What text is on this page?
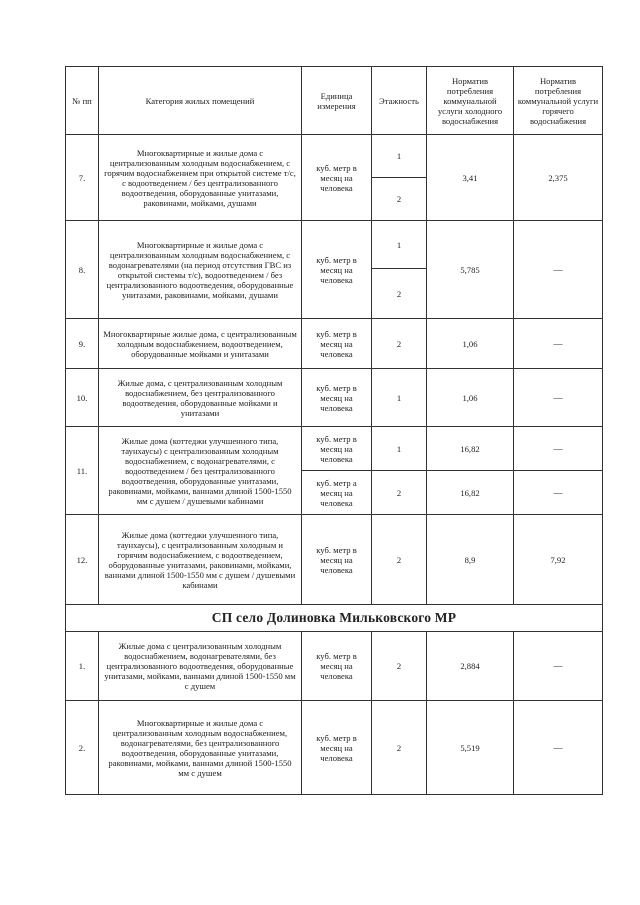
№ пп	Категория жилых помещений	Единица измерения	Этажность	Норматив потребления коммунальной услуги холодного водоснабжения	Норматив потребления коммунальной услуги горячего водоснабжения
7.	Многоквартирные и жилые дома с централизованным холодным водоснабжением, с горячим водоснабжением при открытой системе т/с, с водоотведением / без централизованного водоотведения, оборудованные унитазами, раковинами, мойками, душами	куб. метр в месяц на человека	1	3,41	2,375
			2		
8.	Многоквартирные и жилые дома с централизованным холодным водоснабжением, с водонагревателями (на период отсутствия ГВС из открытой системы т/с), водоотведением / без централизованного водоотведения, оборудованные унитазами, раковинами, мойками, душами	куб. метр в месяц на человека	1	5,785	—
			2		
9.	Многоквартирные жилые дома, с централизованным холодным водоснабжением, водоотведением, оборудованные мойками и унитазами	куб. метр в месяц на человека	2	1,06	—
10.	Жилые дома, с централизованным холодным водоснабжением, без централизованного водоотведения, оборудованные мойками и унитазами	куб. метр в месяц на человека	1	1,06	—
11.	Жилые дома (коттеджи улучшенного типа, таунхаусы) с централизованным холодным водоснабжением, с водонагревателями, с водоотведением / без централизованного водоотведения, оборудованные унитазами, раковинами, мойками, ваннами длиной 1500-1550 мм с душем / душевыми кабинами	куб. метр в месяц на человека	1	16,82	—
		куб. метр а месяц на человека	2	16,82	—
12.	Жилые дома (коттеджи улучшенного типа, таунхаусы), с централизованным холодным и горячим водоснабжением, с водоотведением, оборудованные унитазами, раковинами, мойками, ваннами длиной 1500-1550 мм с душем / душевыми кабинами	куб. метр в месяц на человека	2	8,9	7,92
СП село Долиновка Мильковского МР					
1.	Жилые дома с централизованным холодным водоснабжением, водонагревателями, без централизованного водоотведения, оборудованные унитазами, мойками, ваннами длиной 1500-1550 мм с душем	куб. метр в месяц на человека	2	2,884	—
2.	Многоквартирные и жилые дома с централизованным холодным водоснабжением, водонагревателями, без централизованного водоотведения, оборудованные унитазами, раковинами, мойками, ваннами длиной 1500-1550 мм с душем	куб. метр в месяц на человека	2	5,519	—
